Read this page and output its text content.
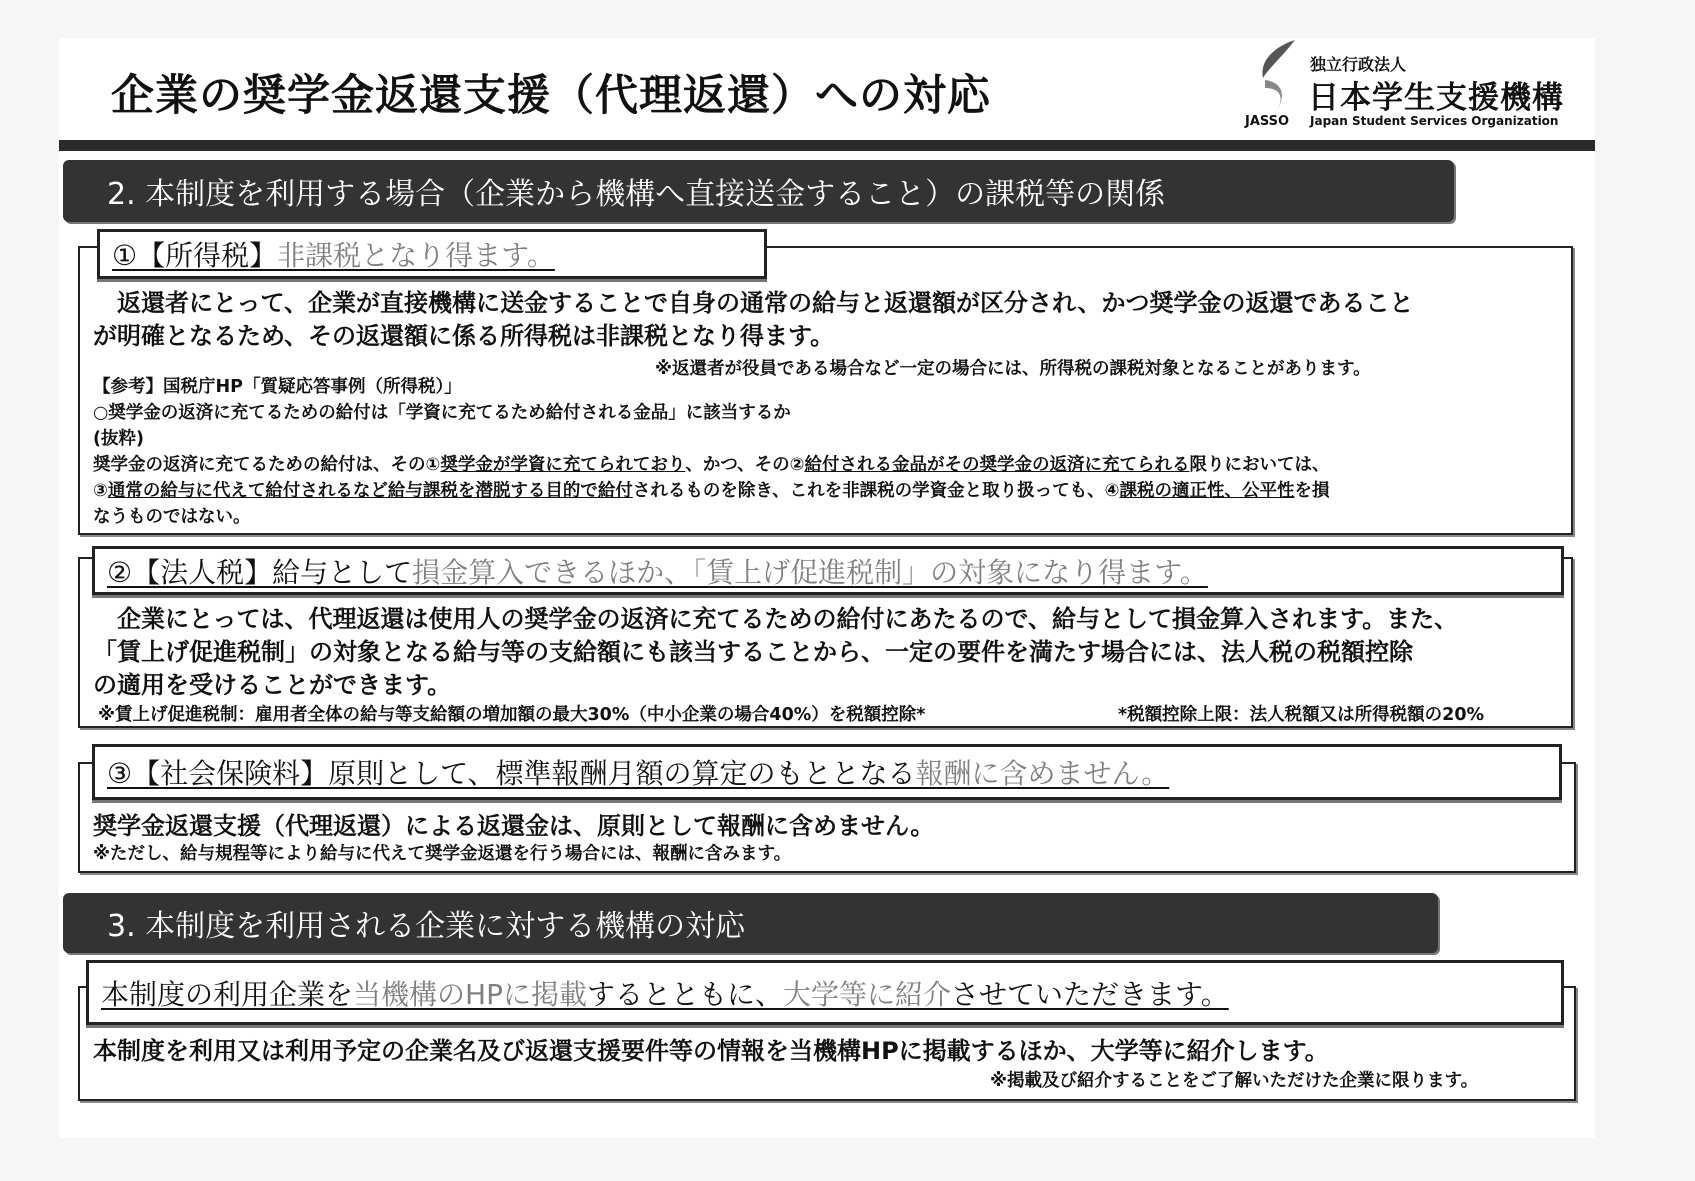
企業の奨学金返還支援（代理返還）への対応
JASSO
独立行政法人
日本学生支援機構
Japan Student Services Organization
2. 本制度を利用する場合（企業から機構へ直接送金すること）の課税等の関係
①【所得税】非課税となり得ます。
　返還者にとって、企業が直接機構に送金することで自身の通常の給与と返還額が区分され、かつ奨学金の返還であること
が明確となるため、その返還額に係る所得税は非課税となり得ます。
※返還者が役員である場合など一定の場合には、所得税の課税対象となることがあります。
【参考】国税庁HP「質疑応答事例（所得税）」
○奨学金の返済に充てるための給付は「学資に充てるため給付される金品」に該当するか
(抜粋)
奨学金の返済に充てるための給付は、その①奨学金が学資に充てられており、かつ、その②給付される金品がその奨学金の返済に充てられる限りにおいては、
③通常の給与に代えて給付されるなど給与課税を潜脱する目的で給付されるものを除き、これを非課税の学資金と取り扱っても、④課税の適正性、公平性を損
なうものではない。
②【法人税】給与として損金算入できるほか、「賃上げ促進税制」の対象になり得ます。
　企業にとっては、代理返還は使用人の奨学金の返済に充てるための給付にあたるので、給与として損金算入されます。また、
「賃上げ促進税制」の対象となる給与等の支給額にも該当することから、一定の要件を満たす場合には、法人税の税額控除
の適用を受けることができます。
※賃上げ促進税制：雇用者全体の給与等支給額の増加額の最大30%（中小企業の場合40%）を税額控除*	*税額控除上限：法人税額又は所得税額の20%
③【社会保険料】原則として、標準報酬月額の算定のもととなる報酬に含めません。
奨学金返還支援（代理返還）による返還金は、原則として報酬に含めません。
※ただし、給与規程等により給与に代えて奨学金返還を行う場合には、報酬に含みます。
3. 本制度を利用される企業に対する機構の対応
本制度の利用企業を当機構のHPに掲載するとともに、大学等に紹介させていただきます。
本制度を利用又は利用予定の企業名及び返還支援要件等の情報を当機構HPに掲載するほか、大学等に紹介します。
※掲載及び紹介することをご了解いただけた企業に限ります。
